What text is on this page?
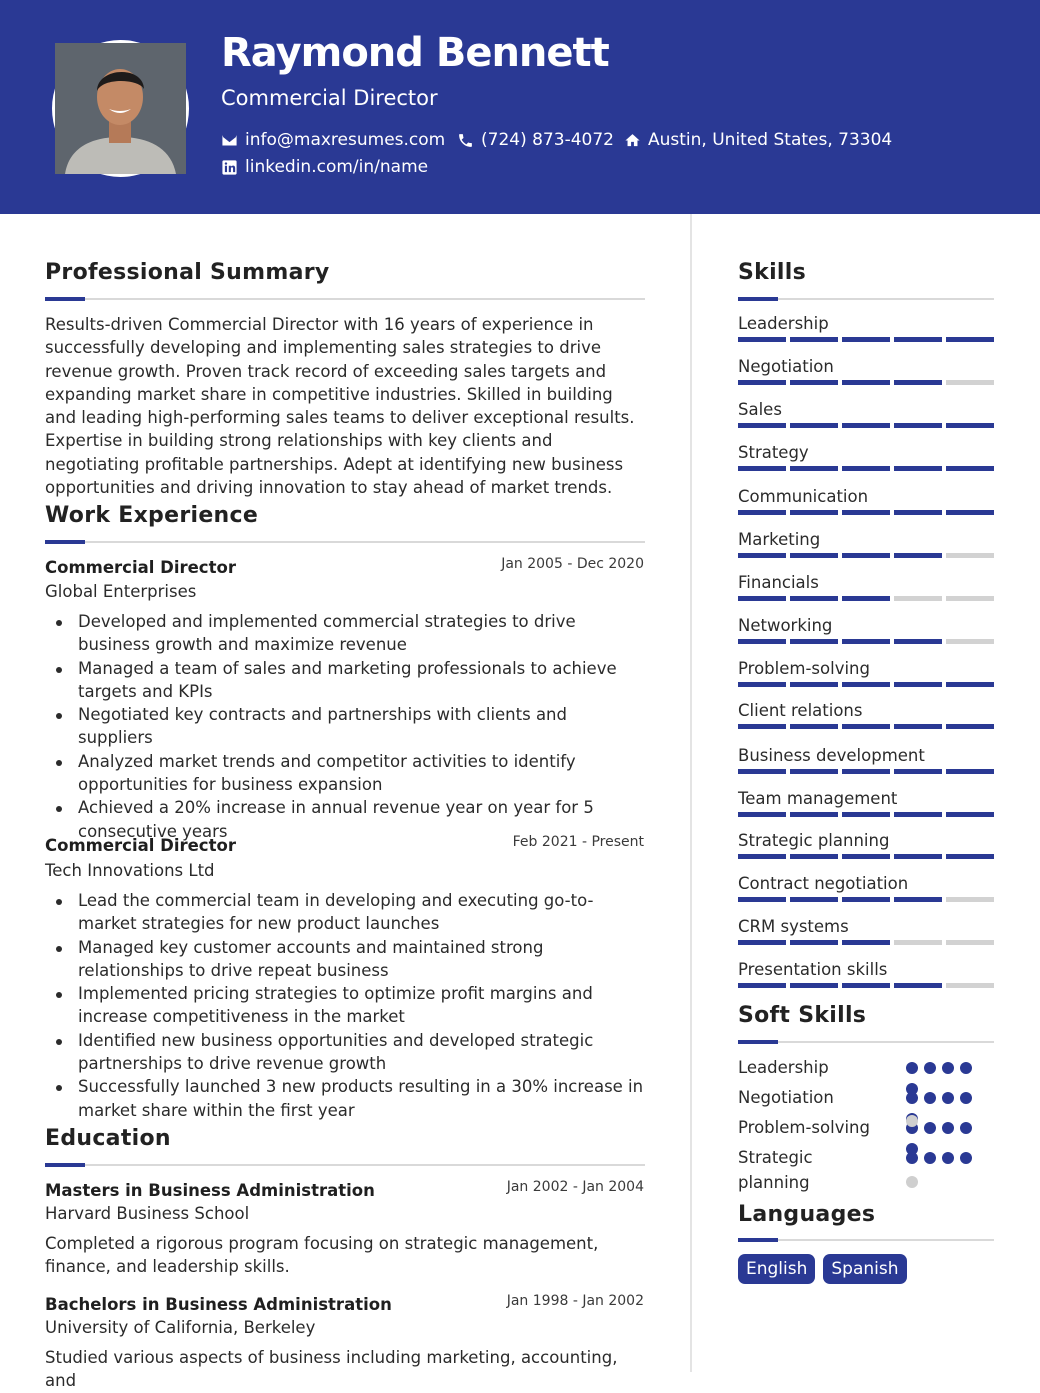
Raymond Bennett
Commercial Director
info@maxresumes.com (724) 873-4072 Austin, United States, 73304
linkedin.com/in/name
Professional Summary
Results-driven Commercial Director with 16 years of experience in successfully developing and implementing sales strategies to drive revenue growth. Proven track record of exceeding sales targets and expanding market share in competitive industries. Skilled in building and leading high-performing sales teams to deliver exceptional results. Expertise in building strong relationships with key clients and negotiating profitable partnerships. Adept at identifying new business opportunities and driving innovation to stay ahead of market trends.
Work Experience
Commercial Director	Jan 2005 - Dec 2020
Global Enterprises
Developed and implemented commercial strategies to drive business growth and maximize revenue
Managed a team of sales and marketing professionals to achieve targets and KPIs
Negotiated key contracts and partnerships with clients and suppliers
Analyzed market trends and competitor activities to identify opportunities for business expansion
Achieved a 20% increase in annual revenue year on year for 5 consecutive years
Commercial Director	Feb 2021 - Present
Tech Innovations Ltd
Lead the commercial team in developing and executing go-to-market strategies for new product launches
Managed key customer accounts and maintained strong relationships to drive repeat business
Implemented pricing strategies to optimize profit margins and increase competitiveness in the market
Identified new business opportunities and developed strategic partnerships to drive revenue growth
Successfully launched 3 new products resulting in a 30% increase in market share within the first year
Education
Masters in Business Administration	Jan 2002 - Jan 2004
Harvard Business School
Completed a rigorous program focusing on strategic management, finance, and leadership skills.
Bachelors in Business Administration	Jan 1998 - Jan 2002
University of California, Berkeley
Studied various aspects of business including marketing, accounting, and
Skills
Leadership
Negotiation
Sales
Strategy
Communication
Marketing
Financials
Networking
Problem-solving
Client relations
Business development
Team management
Strategic planning
Contract negotiation
CRM systems
Presentation skills
Soft Skills
Leadership
Negotiation
Problem-solving
Strategic planning
Languages
English	Spanish
